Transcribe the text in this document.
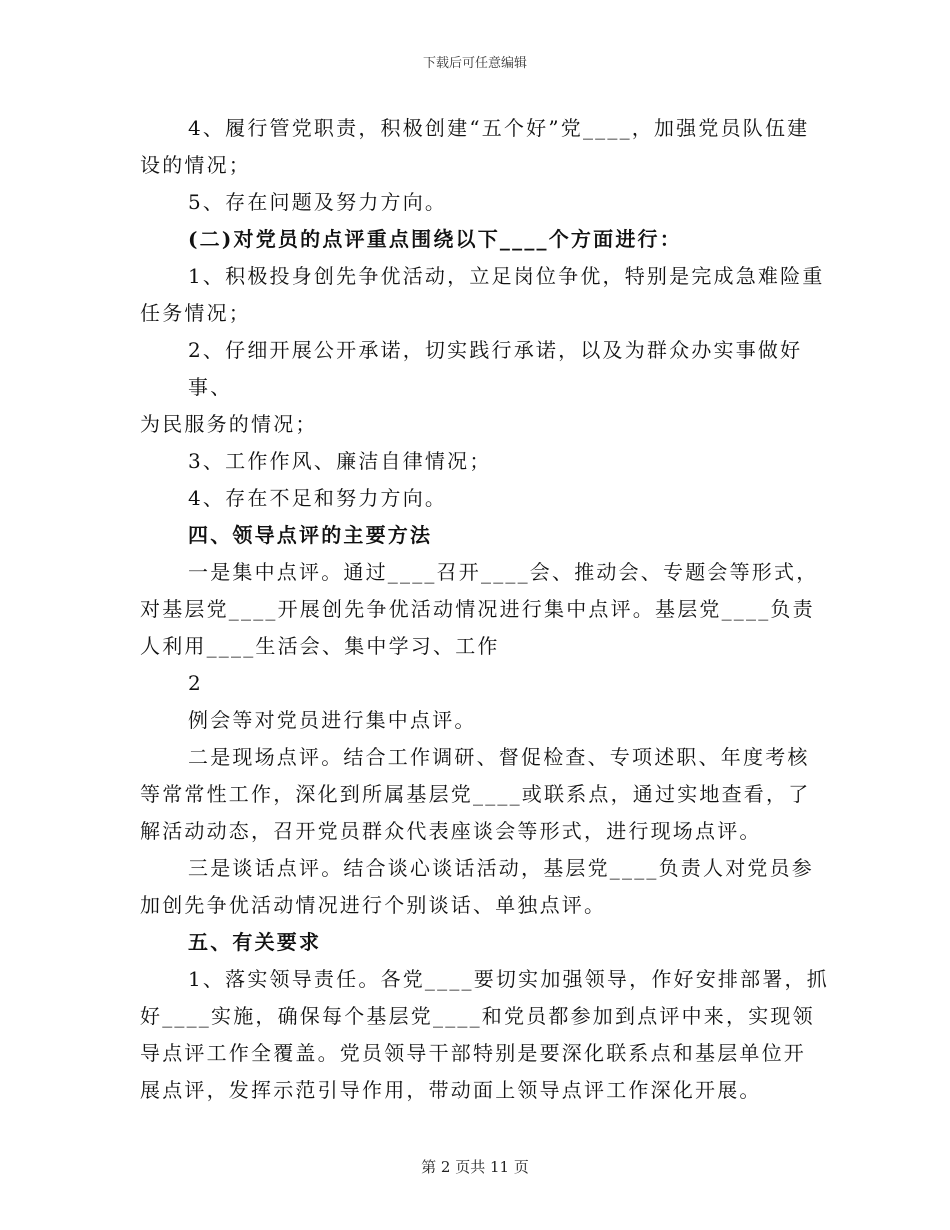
下载后可任意编辑
4、履行管党职责，积极创建“五个好”党____，加强党员队伍建
设的情况；
5、存在问题及努力方向。
(二)对党员的点评重点围绕以下____个方面进行：
1、积极投身创先争优活动，立足岗位争优，特别是完成急难险重
任务情况；
2、仔细开展公开承诺，切实践行承诺，以及为群众办实事做好事、
为民服务的情况；
3、工作作风、廉洁自律情况；
4、存在不足和努力方向。
四、领导点评的主要方法
一是集中点评。通过____召开____会、推动会、专题会等形式，
对基层党____开展创先争优活动情况进行集中点评。基层党____负责
人利用____生活会、集中学习、工作
2
例会等对党员进行集中点评。
二是现场点评。结合工作调研、督促检查、专项述职、年度考核
等常常性工作，深化到所属基层党____或联系点，通过实地查看，了
解活动动态，召开党员群众代表座谈会等形式，进行现场点评。
三是谈话点评。结合谈心谈话活动，基层党____负责人对党员参
加创先争优活动情况进行个别谈话、单独点评。
五、有关要求
1、落实领导责任。各党____要切实加强领导，作好安排部署，抓
好____实施，确保每个基层党____和党员都参加到点评中来，实现领
导点评工作全覆盖。党员领导干部特别是要深化联系点和基层单位开
展点评，发挥示范引导作用，带动面上领导点评工作深化开展。
第 2 页共 11 页
